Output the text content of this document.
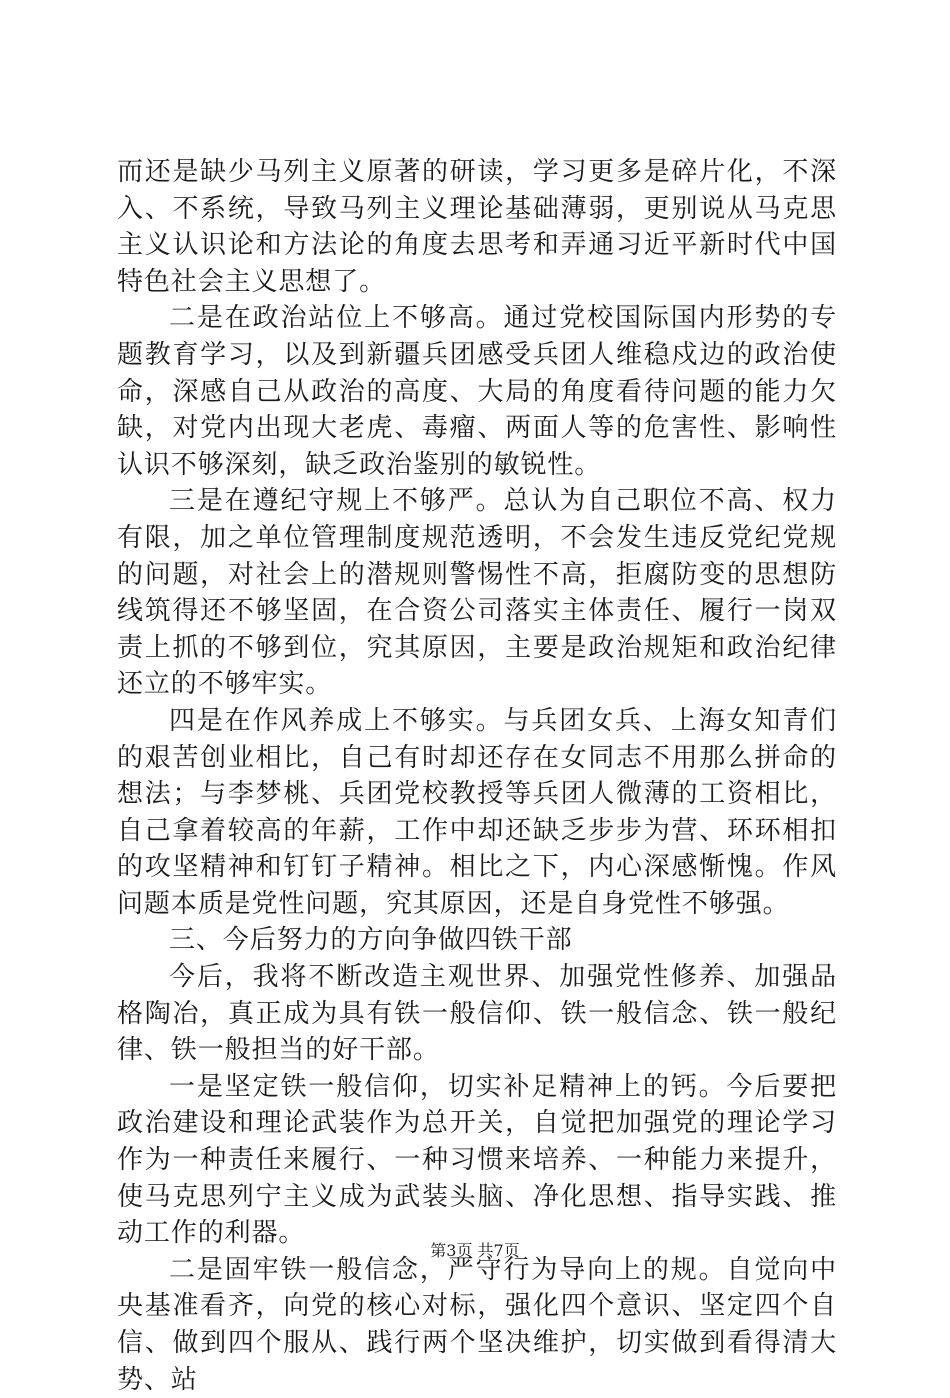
而还是缺少马列主义原著的研读，学习更多是碎片化，不深入、不系统，导致马列主义理论基础薄弱，更别说从马克思主义认识论和方法论的角度去思考和弄通习近平新时代中国特色社会主义思想了。

二是在政治站位上不够高。通过党校国际国内形势的专题教育学习，以及到新疆兵团感受兵团人维稳戍边的政治使命，深感自己从政治的高度、大局的角度看待问题的能力欠缺，对党内出现大老虎、毒瘤、两面人等的危害性、影响性认识不够深刻，缺乏政治鉴别的敏锐性。

三是在遵纪守规上不够严。总认为自己职位不高、权力有限，加之单位管理制度规范透明，不会发生违反党纪党规的问题，对社会上的潜规则警惕性不高，拒腐防变的思想防线筑得还不够坚固，在合资公司落实主体责任、履行一岗双责上抓的不够到位，究其原因，主要是政治规矩和政治纪律还立的不够牢实。

四是在作风养成上不够实。与兵团女兵、上海女知青们的艰苦创业相比，自己有时却还存在女同志不用那么拼命的想法；与李梦桃、兵团党校教授等兵团人微薄的工资相比，自己拿着较高的年薪，工作中却还缺乏步步为营、环环相扣的攻坚精神和钉钉子精神。相比之下，内心深感惭愧。作风问题本质是党性问题，究其原因，还是自身党性不够强。

三、今后努力的方向争做四铁干部

今后，我将不断改造主观世界、加强党性修养、加强品格陶冶，真正成为具有铁一般信仰、铁一般信念、铁一般纪律、铁一般担当的好干部。

一是坚定铁一般信仰，切实补足精神上的钙。今后要把政治建设和理论武装作为总开关，自觉把加强党的理论学习作为一种责任来履行、一种习惯来培养、一种能力来提升，使马克思列宁主义成为武装头脑、净化思想、指导实践、推动工作的利器。

二是固牢铁一般信念，严守行为导向上的规。自觉向中央基准看齐，向党的核心对标，强化四个意识、坚定四个自信、做到四个服从、践行两个坚决维护，切实做到看得清大势、站

第3页 共7页
